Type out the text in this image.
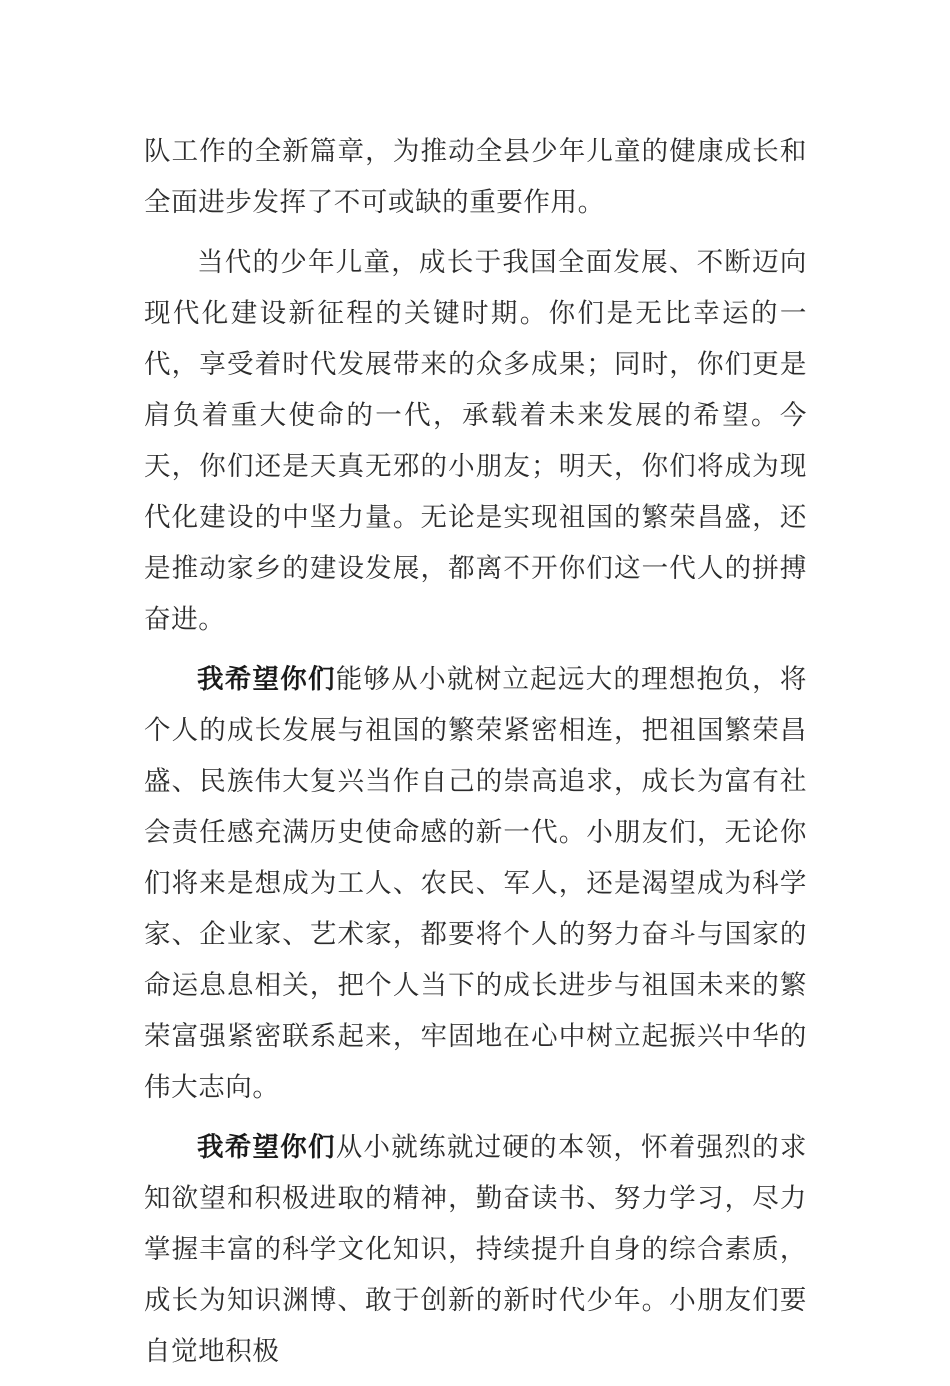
队工作的全新篇章，为推动全县少年儿童的健康成长和全面进步发挥了不可或缺的重要作用。

当代的少年儿童，成长于我国全面发展、不断迈向现代化建设新征程的关键时期。你们是无比幸运的一代，享受着时代发展带来的众多成果；同时，你们更是肩负着重大使命的一代，承载着未来发展的希望。今天，你们还是天真无邪的小朋友；明天，你们将成为现代化建设的中坚力量。无论是实现祖国的繁荣昌盛，还是推动家乡的建设发展，都离不开你们这一代人的拼搏奋进。

我希望你们能够从小就树立起远大的理想抱负，将个人的成长发展与祖国的繁荣紧密相连，把祖国繁荣昌盛、民族伟大复兴当作自己的崇高追求，成长为富有社会责任感充满历史使命感的新一代。小朋友们，无论你们将来是想成为工人、农民、军人，还是渴望成为科学家、企业家、艺术家，都要将个人的努力奋斗与国家的命运息息相关，把个人当下的成长进步与祖国未来的繁荣富强紧密联系起来，牢固地在心中树立起振兴中华的伟大志向。

我希望你们从小就练就过硬的本领，怀着强烈的求知欲望和积极进取的精神，勤奋读书、努力学习，尽力掌握丰富的科学文化知识，持续提升自身的综合素质，成长为知识渊博、敢于创新的新时代少年。小朋友们要自觉地积极
